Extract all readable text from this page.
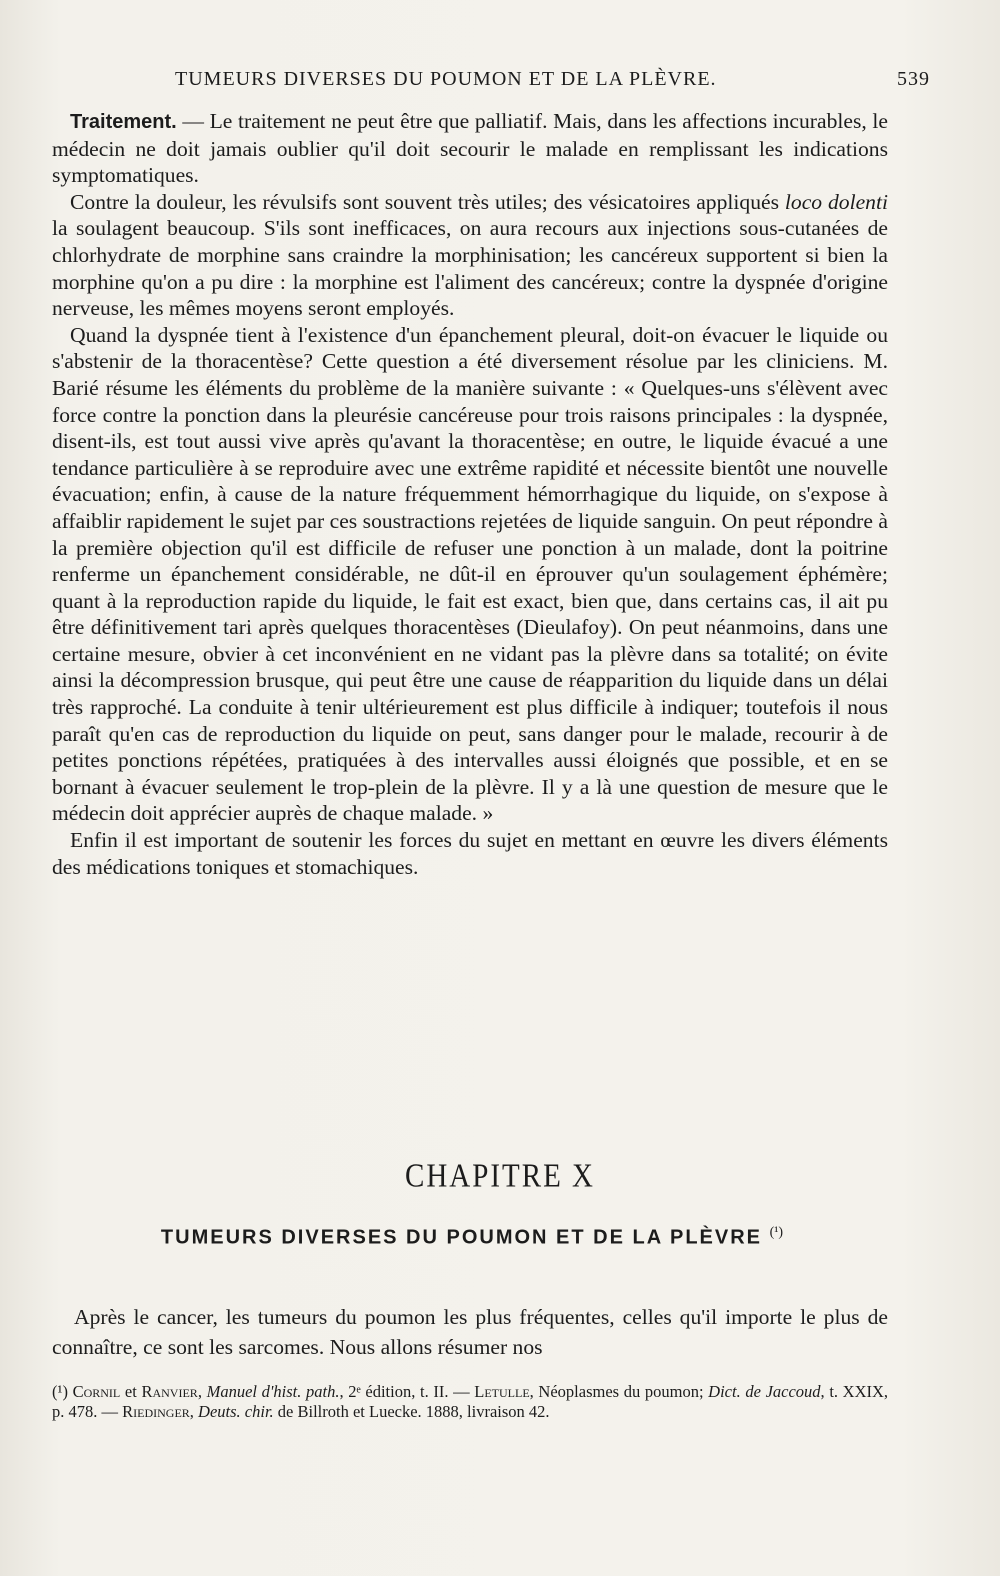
TUMEURS DIVERSES DU POUMON ET DE LA PLÈVRE.	539

Traitement. — Le traitement ne peut être que palliatif. Mais, dans les affections incurables, le médecin ne doit jamais oublier qu'il doit secourir le malade en remplissant les indications symptomatiques.

Contre la douleur, les révulsifs sont souvent très utiles; des vésicatoires appliqués loco dolenti la soulagent beaucoup. S'ils sont inefficaces, on aura recours aux injections sous-cutanées de chlorhydrate de morphine sans craindre la morphinisation; les cancéreux supportent si bien la morphine qu'on a pu dire : la morphine est l'aliment des cancéreux; contre la dyspnée d'origine nerveuse, les mêmes moyens seront employés.

Quand la dyspnée tient à l'existence d'un épanchement pleural, doit-on évacuer le liquide ou s'abstenir de la thoracentèse? Cette question a été diversement résolue par les cliniciens. M. Barié résume les éléments du problème de la manière suivante : « Quelques-uns s'élèvent avec force contre la ponction dans la pleurésie cancéreuse pour trois raisons principales : la dyspnée, disent-ils, est tout aussi vive après qu'avant la thoracentèse; en outre, le liquide évacué a une tendance particulière à se reproduire avec une extrême rapidité et nécessite bientôt une nouvelle évacuation; enfin, à cause de la nature fréquemment hémorrhagique du liquide, on s'expose à affaiblir rapidement le sujet par ces soustractions rejetées de liquide sanguin. On peut répondre à la première objection qu'il est difficile de refuser une ponction à un malade, dont la poitrine renferme un épanchement considérable, ne dût-il en éprouver qu'un soulagement éphémère; quant à la reproduction rapide du liquide, le fait est exact, bien que, dans certains cas, il ait pu être définitivement tari après quelques thoracentèses (Dieulafoy). On peut néanmoins, dans une certaine mesure, obvier à cet inconvénient en ne vidant pas la plèvre dans sa totalité; on évite ainsi la décompression brusque, qui peut être une cause de réapparition du liquide dans un délai très rapproché. La conduite à tenir ultérieurement est plus difficile à indiquer; toutefois il nous paraît qu'en cas de reproduction du liquide on peut, sans danger pour le malade, recourir à de petites ponctions répétées, pratiquées à des intervalles aussi éloignés que possible, et en se bornant à évacuer seulement le trop-plein de la plèvre. Il y a là une question de mesure que le médecin doit apprécier auprès de chaque malade. »

Enfin il est important de soutenir les forces du sujet en mettant en œuvre les divers éléments des médications toniques et stomachiques.

CHAPITRE X
TUMEURS DIVERSES DU POUMON ET DE LA PLÈVRE $^{(^1)}$

Après le cancer, les tumeurs du poumon les plus fréquentes, celles qu'il importe le plus de connaître, ce sont les sarcomes. Nous allons résumer nos

(¹) Cornil et Ranvier, Manuel d'hist. path., 2ᵉ édition, t. II. — Letulle, Néoplasmes du poumon; Dict. de Jaccoud, t. XXIX, p. 478. — Riedinger, Deuts. chir. de Billroth et Luecke. 1888, livraison 42.
